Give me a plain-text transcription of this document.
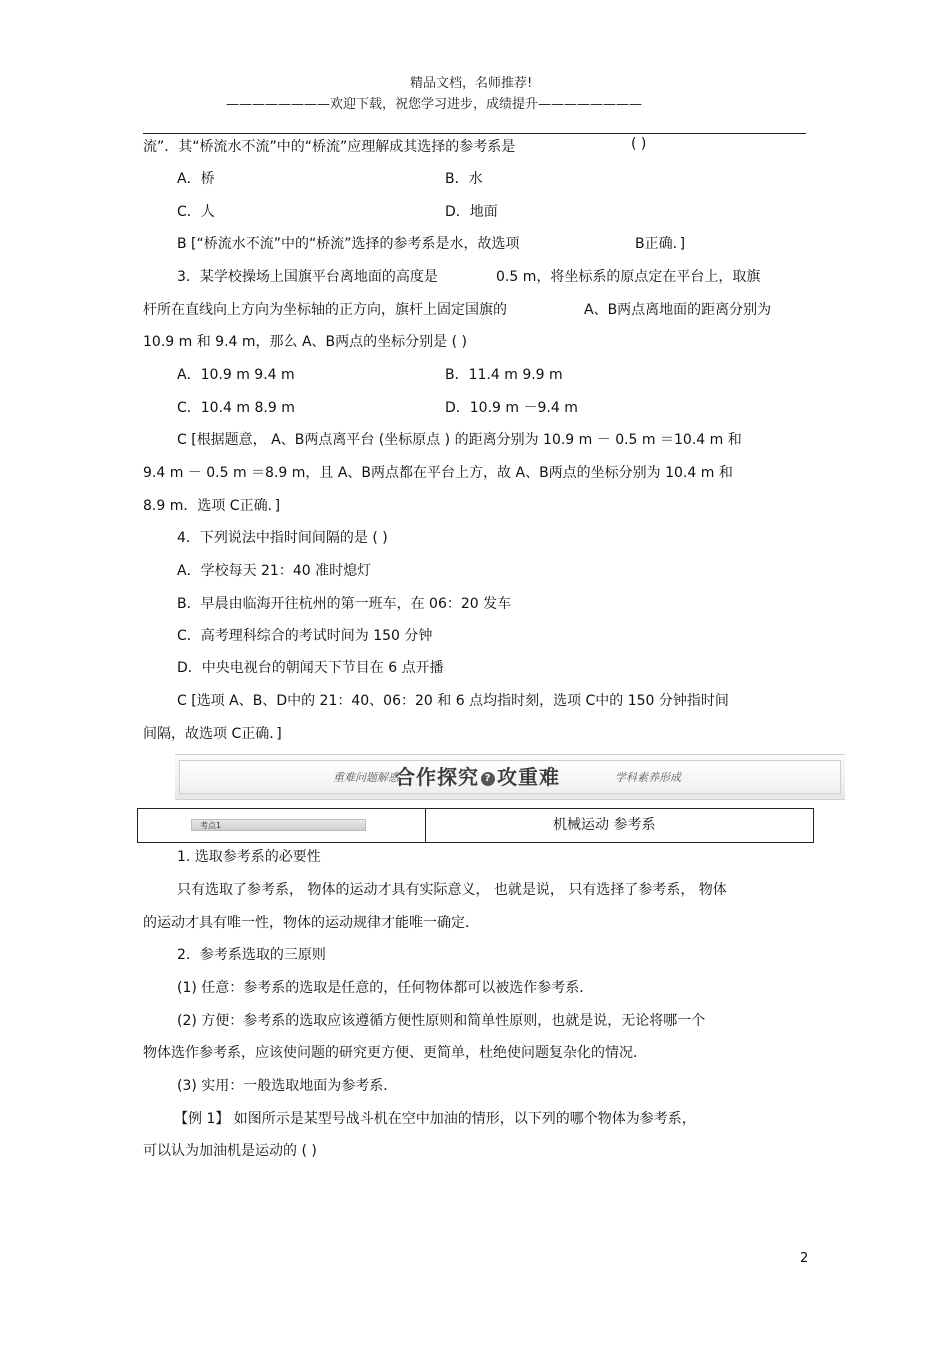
精品文档，名师推荐!
————————欢迎下载，祝您学习进步，成绩提升————————
流”．其“桥流水不流”中的“桥流”应理解成其选择的参考系是	( )
A．桥	B．水
C．人	D．地面
B [“桥流水不流”中的“桥流”选择的参考系是水，故选项	B正确．]
3．某学校操场上国旗平台离地面的高度是	0.5 m，将坐标系的原点定在平台上，取旗
杆所在直线向上方向为坐标轴的正方向，旗杆上固定国旗的	A、B两点离地面的距离分别为
10.9 m 和 9.4 m，那么 A、B两点的坐标分别是 ( )
A．10.9 m 9.4 m	B．11.4 m 9.9 m
C．10.4 m 8.9 m	D．10.9 m －9.4 m
C [根据题意， A、B两点离平台 (坐标原点 ) 的距离分别为 10.9 m － 0.5 m ＝10.4 m 和
9.4 m － 0.5 m ＝8.9 m，且 A、B两点都在平台上方，故 A、B两点的坐标分别为 10.4 m 和
8.9 m．选项 C正确．]
4．下列说法中指时间间隔的是 ( )
A．学校每天 21：40 准时熄灯
B．早晨由临海开往杭州的第一班车，在 06：20 发车
C．高考理科综合的考试时间为 150 分钟
D．中央电视台的朝闻天下节目在 6 点开播
C [选项 A、B、D中的 21：40、06：20 和 6 点均指时刻，选项 C中的 150 分钟指时间
间隔，故选项 C正确．]
重难问题解惑
合作探究 ? 攻重难	学科素养形成
考点1	机械运动 参考系
1. 选取参考系的必要性
只有选取了参考系， 物体的运动才具有实际意义， 也就是说， 只有选择了参考系， 物体
的运动才具有唯一性，物体的运动规律才能唯一确定．
2．参考系选取的三原则
(1) 任意：参考系的选取是任意的，任何物体都可以被选作参考系．
(2) 方便：参考系的选取应该遵循方便性原则和简单性原则，也就是说，无论将哪一个
物体选作参考系，应该使问题的研究更方便、更简单，杜绝使问题复杂化的情况．
(3) 实用：一般选取地面为参考系．
【例 1】 如图所示是某型号战斗机在空中加油的情形，以下列的哪个物体为参考系，
可以认为加油机是运动的 ( )
2
